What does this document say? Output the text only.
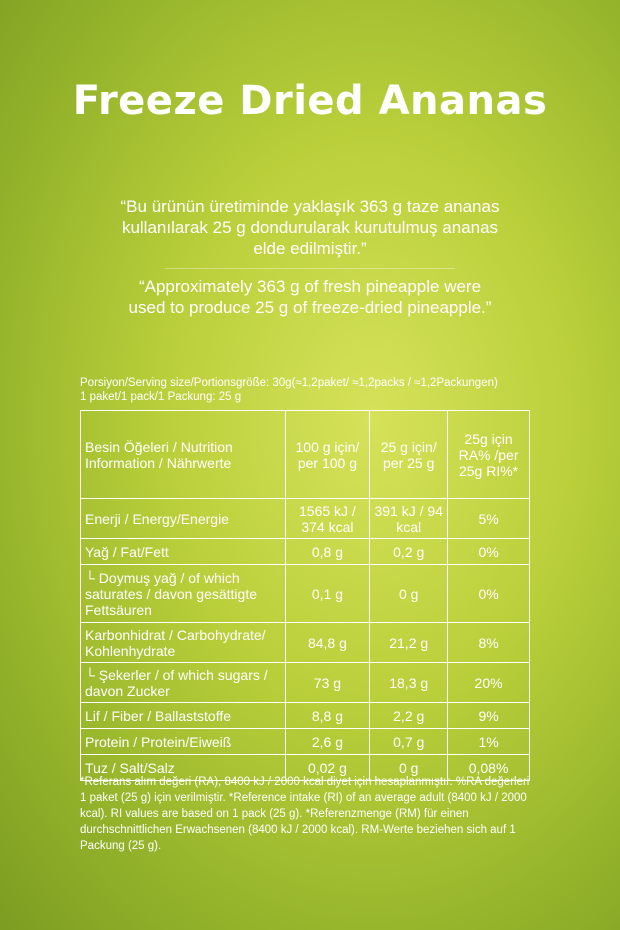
Freeze Dried Ananas
“Bu ürünün üretiminde yaklaşık 363 g taze ananas kullanılarak 25 g dondurularak kurutulmuş ananas elde edilmiştir.”
“Approximately 363 g of fresh pineapple were used to produce 25 g of freeze-dried pineapple.”
Porsiyon/Serving size/Portionsgröße: 30g(≈1,2paket/ ≈1,2packs / ≈1,2Packungen)
1 paket/1 pack/1 Packung: 25 g
Besin Öğeleri / Nutrition Information / Nährwerte	100 g için/ per 100 g	25 g için/ per 25 g	25g için RA% /per 25g RI%*
Enerji / Energy/Energie	1565 kJ / 374 kcal	391 kJ / 94 kcal	5%
Yağ / Fat/Fett	0,8 g	0,2 g	0%
└ Doymuş yağ / of which saturates / davon gesättigte Fettsäuren	0,1 g	0 g	0%
Karbonhidrat / Carbohydrate/ Kohlenhydrate	84,8 g	21,2 g	8%
└ Şekerler / of which sugars / davon Zucker	73 g	18,3 g	20%
Lif / Fiber / Ballaststoffe	8,8 g	2,2 g	9%
Protein / Protein/Eiweiß	2,6 g	0,7 g	1%
Tuz / Salt/Salz	0,02 g	0 g	0,08%
*Referans alım değeri (RA), 8400 kJ / 2000 kcal diyet için hesaplanmıştır. %RA değerleri 1 paket (25 g) için verilmiştir. *Reference intake (RI) of an average adult (8400 kJ / 2000 kcal). RI values are based on 1 pack (25 g). *Referenzmenge (RM) für einen durchschnittlichen Erwachsenen (8400 kJ / 2000 kcal). RM-Werte beziehen sich auf 1 Packung (25 g).
